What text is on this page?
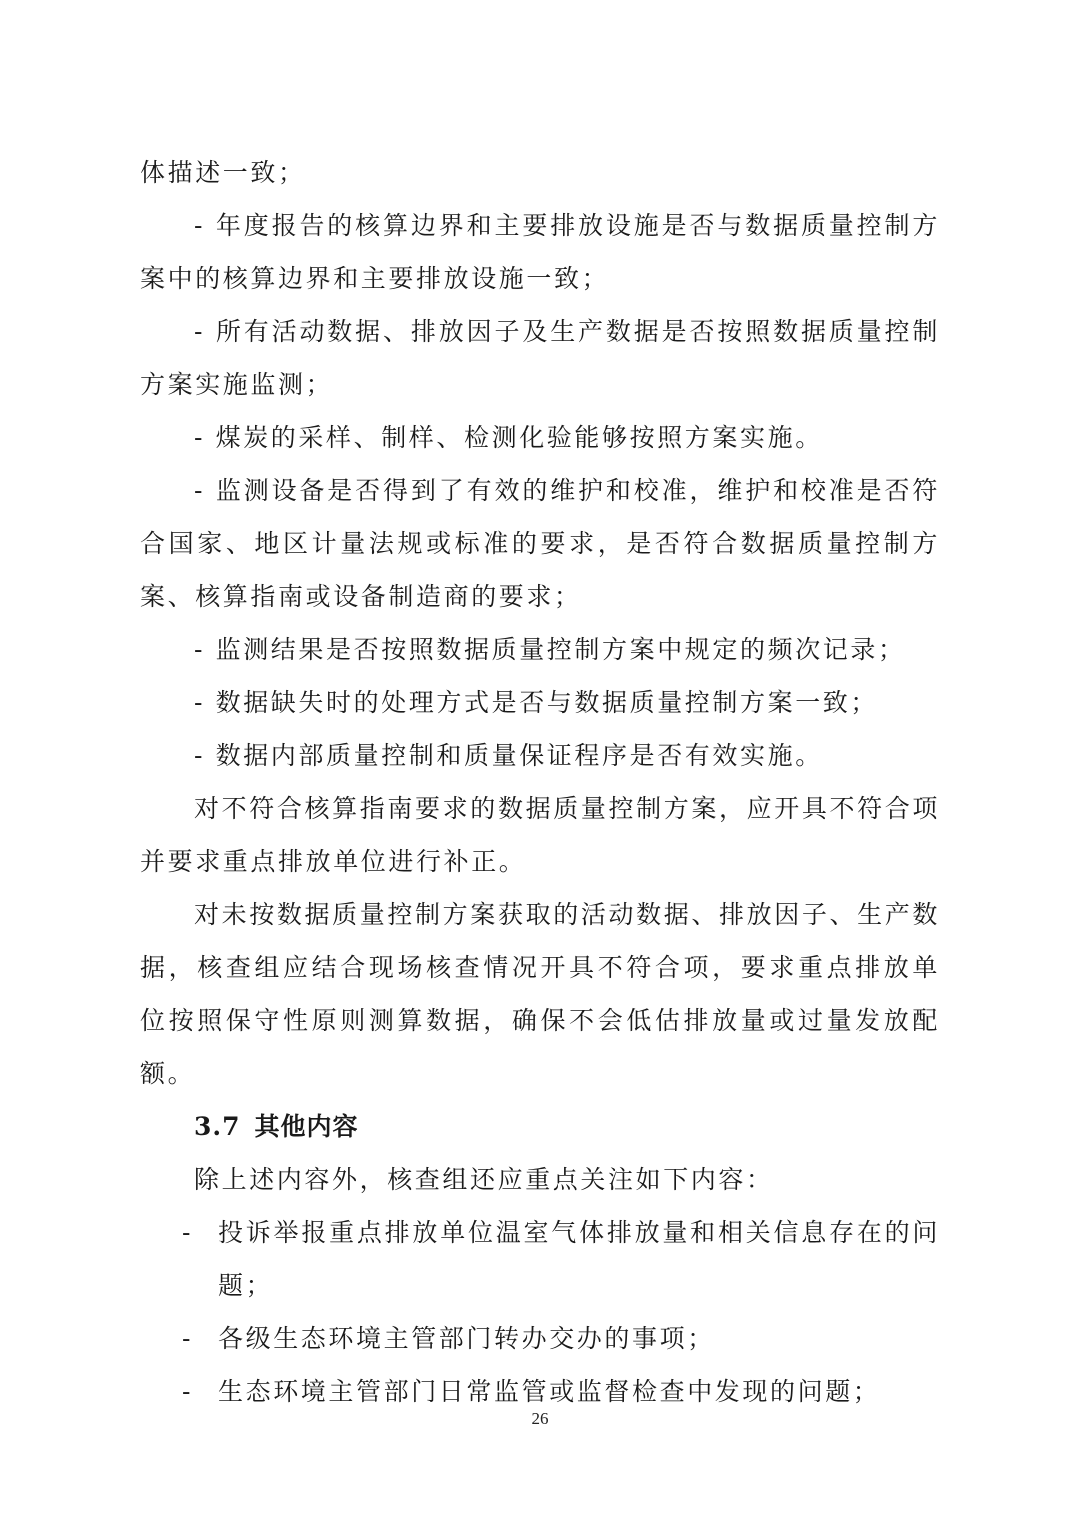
体描述一致；

- 年度报告的核算边界和主要排放设施是否与数据质量控制方案中的核算边界和主要排放设施一致；

- 所有活动数据、排放因子及生产数据是否按照数据质量控制方案实施监测；

- 煤炭的采样、制样、检测化验能够按照方案实施。

- 监测设备是否得到了有效的维护和校准，维护和校准是否符合国家、地区计量法规或标准的要求，是否符合数据质量控制方案、核算指南或设备制造商的要求；

- 监测结果是否按照数据质量控制方案中规定的频次记录；

- 数据缺失时的处理方式是否与数据质量控制方案一致；

- 数据内部质量控制和质量保证程序是否有效实施。

对不符合核算指南要求的数据质量控制方案，应开具不符合项并要求重点排放单位进行补正。

对未按数据质量控制方案获取的活动数据、排放因子、生产数据，核查组应结合现场核查情况开具不符合项，要求重点排放单位按照保守性原则测算数据，确保不会低估排放量或过量发放配额。

3.7 其他内容

除上述内容外，核查组还应重点关注如下内容：

- 投诉举报重点排放单位温室气体排放量和相关信息存在的问题；

- 各级生态环境主管部门转办交办的事项；

- 生态环境主管部门日常监管或监督检查中发现的问题；

26
